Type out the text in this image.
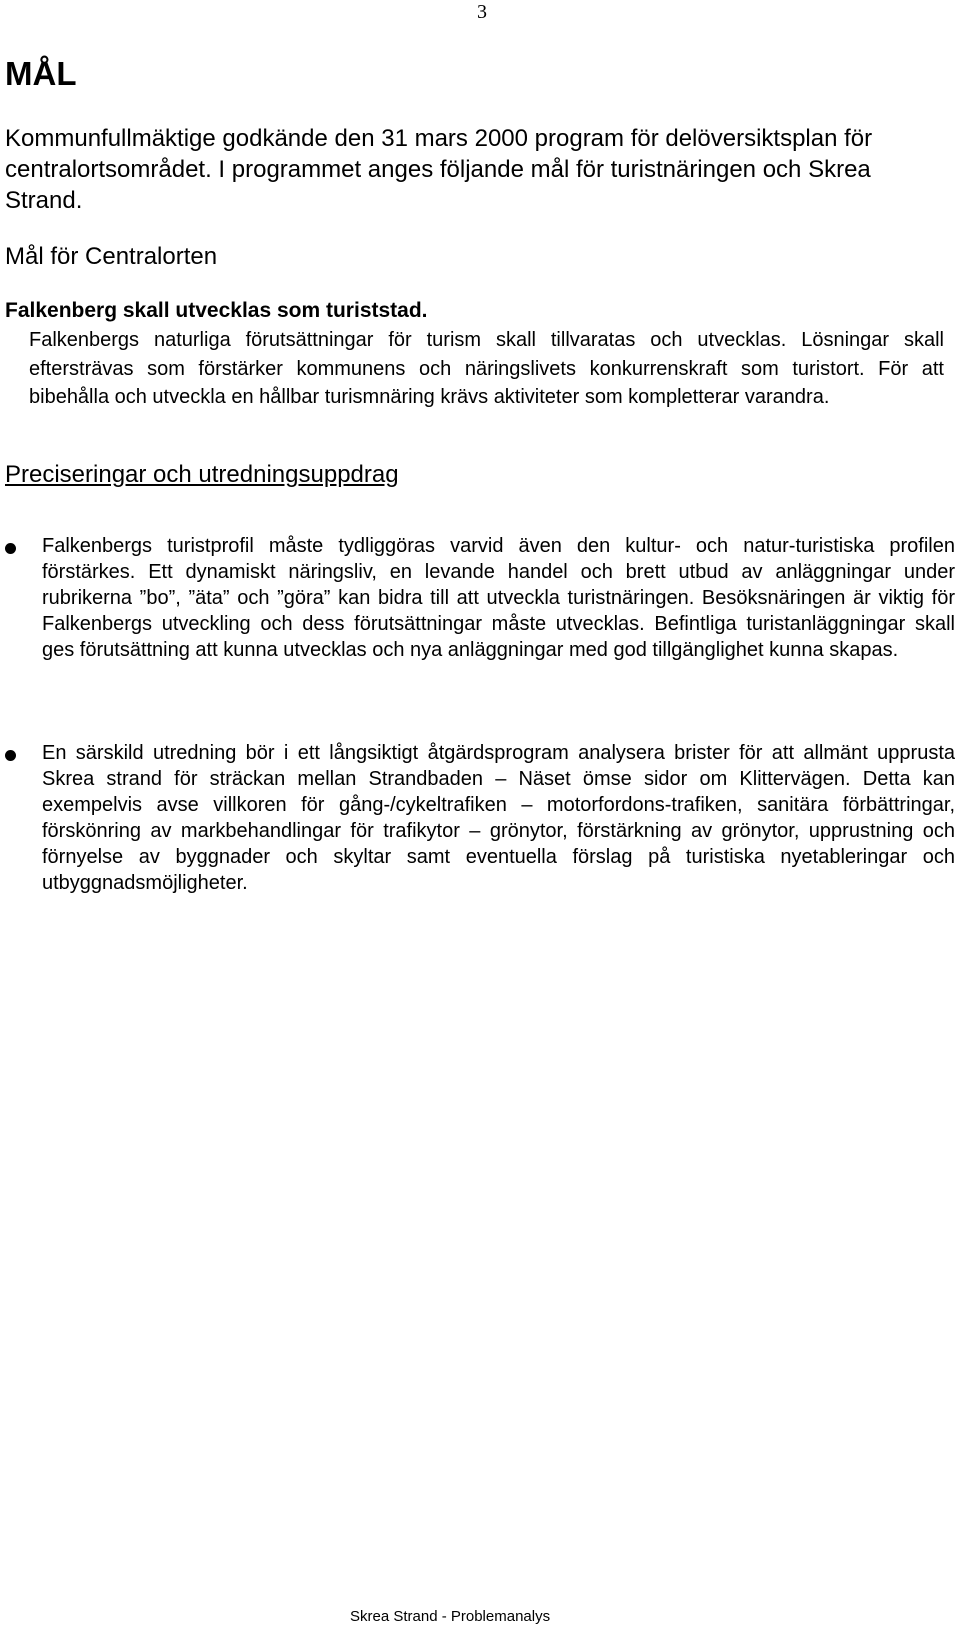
3
MÅL

Kommunfullmäktige godkände den 31 mars 2000 program för delöversiktsplan för centralortsområdet. I programmet anges följande mål för turistnäringen och Skrea Strand.

Mål för Centralorten

Falkenberg skall utvecklas som turiststad.

Falkenbergs naturliga förutsättningar för turism skall tillvaratas och utvecklas. Lösningar skall eftersträvas som förstärker kommunens och näringslivets konkurrenskraft som turistort. För att bibehålla och utveckla en hållbar turismnäring krävs aktiviteter som kompletterar varandra.

Preciseringar och utredningsuppdrag

Falkenbergs turistprofil måste tydliggöras varvid även den kultur- och natur-turistiska profilen förstärkes. Ett dynamiskt näringsliv, en levande handel och brett utbud av anläggningar under rubrikerna ”bo”, ”äta” och ”göra” kan bidra till att utveckla turistnäringen. Besöksnäringen är viktig för Falkenbergs utveckling och dess förutsättningar måste utvecklas. Befintliga turistanläggningar skall ges förutsättning att kunna utvecklas och nya anläggningar med god tillgänglighet kunna skapas.

En särskild utredning bör i ett långsiktigt åtgärdsprogram analysera brister för att allmänt upprusta Skrea strand för sträckan mellan Strandbaden – Näset ömse sidor om Klittervägen. Detta kan exempelvis avse villkoren för gång-/cykeltrafiken – motorfordons-trafiken, sanitära förbättringar, förskönring av markbehandlingar för trafikytor – grönytor, förstärkning av grönytor, upprustning och förnyelse av byggnader och skyltar samt eventuella förslag på turistiska nyetableringar och utbyggnadsmöjligheter.

Skrea Strand - Problemanalys
